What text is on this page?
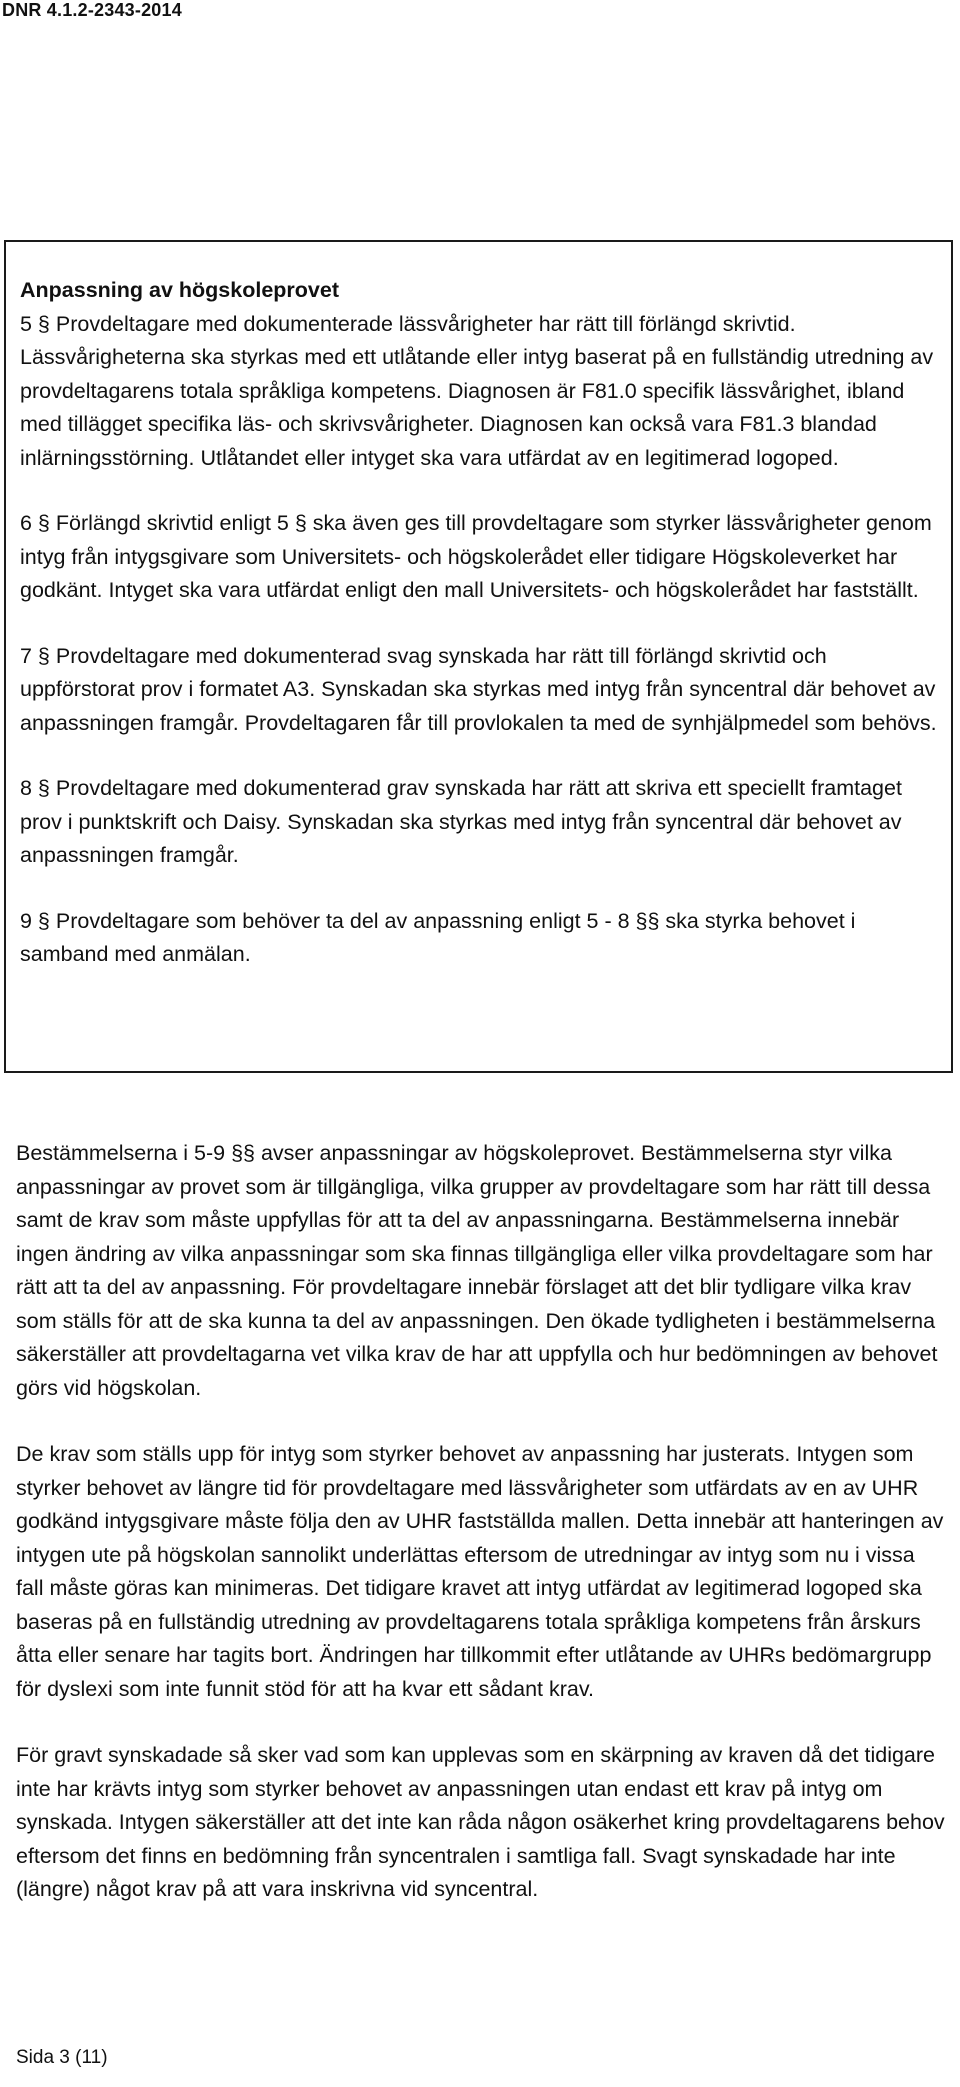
DNR 4.1.2-2343-2014

Anpassning av högskoleprovet

5 § Provdeltagare med dokumenterade lässvårigheter har rätt till förlängd skrivtid. Lässvårigheterna ska styrkas med ett utlåtande eller intyg baserat på en fullständig utredning av provdeltagarens totala språkliga kompetens. Diagnosen är F81.0 specifik lässvårighet, ibland med tillägget specifika läs- och skrivsvårigheter. Diagnosen kan också vara F81.3 blandad inlärningsstörning. Utlåtandet eller intyget ska vara utfärdat av en legitimerad logoped.

6 § Förlängd skrivtid enligt 5 § ska även ges till provdeltagare som styrker lässvårigheter genom intyg från intygsgivare som Universitets- och högskolerådet eller tidigare Högskoleverket har godkänt. Intyget ska vara utfärdat enligt den mall Universitets- och högskolerådet har fastställt.

7 § Provdeltagare med dokumenterad svag synskada har rätt till förlängd skrivtid och uppförstorat prov i formatet A3. Synskadan ska styrkas med intyg från syncentral där behovet av anpassningen framgår. Provdeltagaren får till provlokalen ta med de synhjälpmedel som behövs.

8 § Provdeltagare med dokumenterad grav synskada har rätt att skriva ett speciellt framtaget prov i punktskrift och Daisy. Synskadan ska styrkas med intyg från syncentral där behovet av anpassningen framgår.

9 § Provdeltagare som behöver ta del av anpassning enligt 5 - 8 §§ ska styrka behovet i samband med anmälan.

Bestämmelserna i 5-9 §§ avser anpassningar av högskoleprovet. Bestämmelserna styr vilka anpassningar av provet som är tillgängliga, vilka grupper av provdeltagare som har rätt till dessa samt de krav som måste uppfyllas för att ta del av anpassningarna. Bestämmelserna innebär ingen ändring av vilka anpassningar som ska finnas tillgängliga eller vilka provdeltagare som har rätt att ta del av anpassning. För provdeltagare innebär förslaget att det blir tydligare vilka krav som ställs för att de ska kunna ta del av anpassningen. Den ökade tydligheten i bestämmelserna säkerställer att provdeltagarna vet vilka krav de har att uppfylla och hur bedömningen av behovet görs vid högskolan.

De krav som ställs upp för intyg som styrker behovet av anpassning har justerats. Intygen som styrker behovet av längre tid för provdeltagare med lässvårigheter som utfärdats av en av UHR godkänd intygsgivare måste följa den av UHR fastställda mallen. Detta innebär att hanteringen av intygen ute på högskolan sannolikt underlättas eftersom de utredningar av intyg som nu i vissa fall måste göras kan minimeras. Det tidigare kravet att intyg utfärdat av legitimerad logoped ska baseras på en fullständig utredning av provdeltagarens totala språkliga kompetens från årskurs åtta eller senare har tagits bort. Ändringen har tillkommit efter utlåtande av UHRs bedömargrupp för dyslexi som inte funnit stöd för att ha kvar ett sådant krav.

För gravt synskadade så sker vad som kan upplevas som en skärpning av kraven då det tidigare inte har krävts intyg som styrker behovet av anpassningen utan endast ett krav på intyg om synskada. Intygen säkerställer att det inte kan råda någon osäkerhet kring provdeltagarens behov eftersom det finns en bedömning från syncentralen i samtliga fall. Svagt synskadade har inte (längre) något krav på att vara inskrivna vid syncentral.

Sida 3 (11)
